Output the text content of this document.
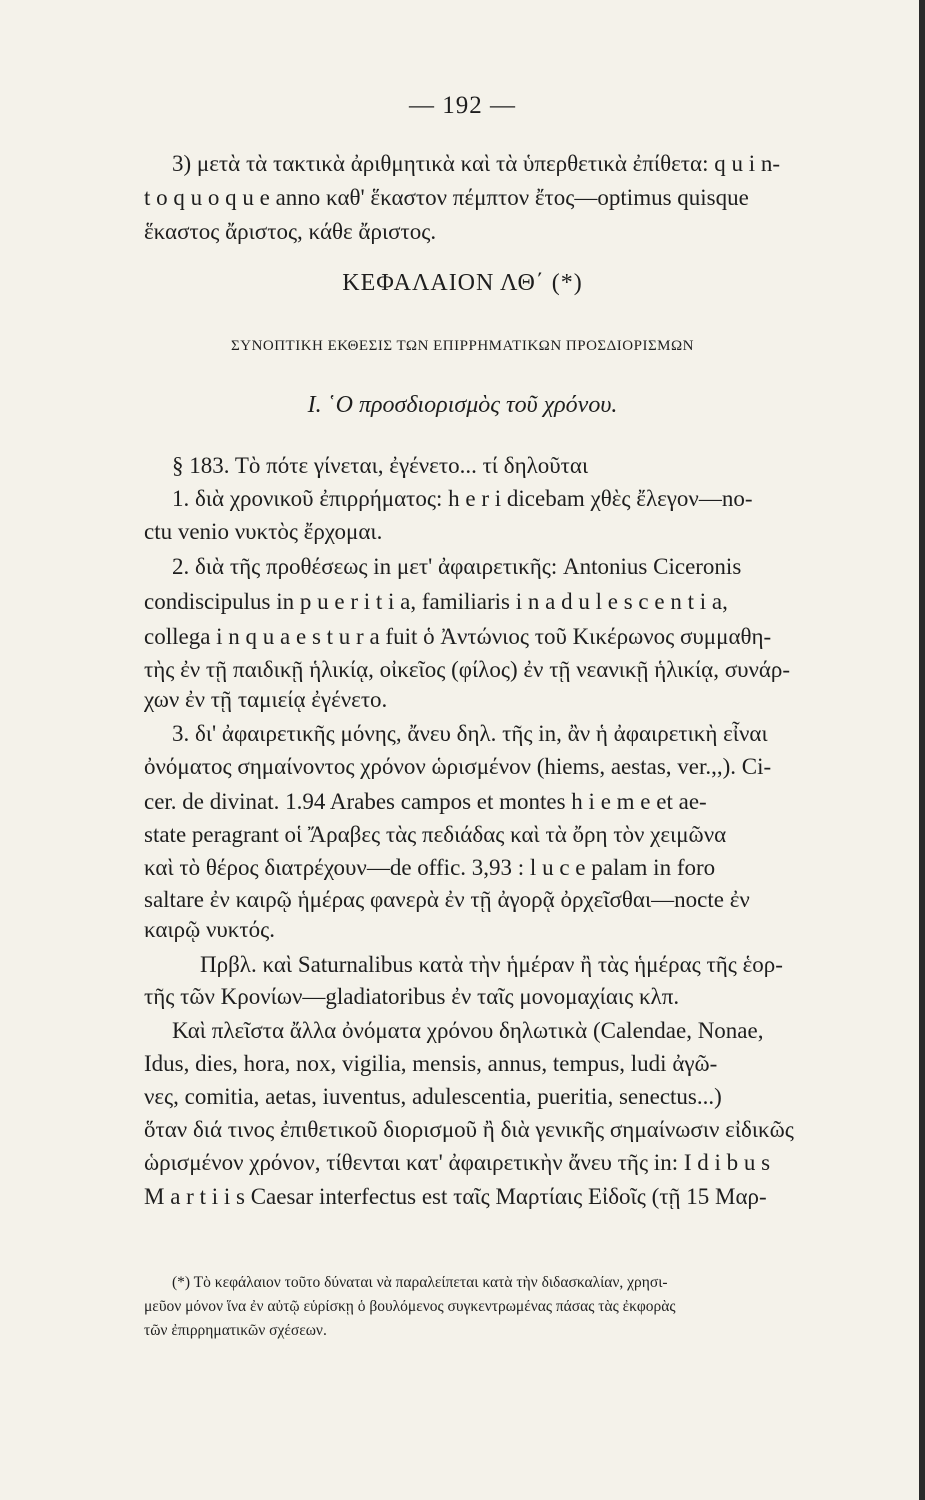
— 192 —
3) μετὰ τὰ τακτικὰ ἀριθμητικὰ καὶ τὰ ὑπερθετικὰ ἐπίθετα: q u i n-
t o q u o q u e anno καθ' ἕκαστον πέμπτον ἔτος—optimus quisque
ἕκαστος ἄριστος, κάθε ἄριστος.
ΚΕΦΑΛΑΙΟΝ ΛΘ΄ (*)
ΣΥΝΟΠΤΙΚΗ ΕΚΘΕΣΙΣ ΤΩΝ ΕΠΙΡΡΗΜΑΤΙΚΩΝ ΠΡΟΣΔΙΟΡΙΣΜΩΝ
I. ῾Ο προσδιορισμὸς τοῦ χρόνου.
§ 183. Τὸ πότε γίνεται, ἐγένετο... τί δηλοῦται
1. διὰ χρονικοῦ ἐπιρρήματος: h e r i dicebam χθὲς ἔλεγον—no-
ctu venio νυκτὸς ἔρχομαι.
2. διὰ τῆς προθέσεως in μετ' ἀφαιρετικῆς: Antonius Ciceronis
condiscipulus in p u e r i t i a, familiaris i n a d u l e s c e n t i a,
collega i n q u a e s t u r a fuit ὁ Ἀντώνιος τοῦ Κικέρωνος συμμαθη-
τὴς ἐν τῇ παιδικῇ ἡλικίᾳ, οἰκεῖος (φίλος) ἐν τῇ νεανικῇ ἡλικίᾳ, συνάρ-
χων ἐν τῇ ταμιείᾳ ἐγένετο.
3. δι' ἀφαιρετικῆς μόνης, ἄνευ δηλ. τῆς in, ἂν ἡ ἀφαιρετικὴ εἶναι
ὀνόματος σημαίνοντος χρόνον ὡρισμένον (hiems, aestas, ver.,,). Ci-
cer. de divinat. 1.94 Arabes campos et montes h i e m e et ae-
state peragrant οἱ Ἄραβες τὰς πεδιάδας καὶ τὰ ὄρη τὸν χειμῶνα
καὶ τὸ θέρος διατρέχουν—de offic. 3,93 : l u c e palam in foro
saltare ἐν καιρῷ ἡμέρας φανερὰ ἐν τῇ ἀγορᾷ ὀρχεῖσθαι—nocte ἐν
καιρῷ νυκτός.
Πρβλ. καὶ Saturnalibus κατὰ τὴν ἡμέραν ἢ τὰς ἡμέρας τῆς ἑορ-
τῆς τῶν Κρονίων—gladiatoribus ἐν ταῖς μονομαχίαις κλπ.
Καὶ πλεῖστα ἄλλα ὀνόματα χρόνου δηλωτικὰ (Calendae, Nonae,
Idus, dies, hora, nox, vigilia, mensis, annus, tempus, ludi ἀγῶ-
νες, comitia, aetas, iuventus, adulescentia, pueritia, senectus...)
ὅταν διά τινος ἐπιθετικοῦ διορισμοῦ ἢ διὰ γενικῆς σημαίνωσιν εἰδικῶς
ὡρισμένον χρόνον, τίθενται κατ' ἀφαιρετικὴν ἄνευ τῆς in: I d i b u s
M a r t i i s Caesar interfectus est ταῖς Μαρτίαις Εἰδοῖς (τῇ 15 Μαρ-
(*) Τὸ κεφάλαιον τοῦτο δύναται νὰ παραλείπεται κατὰ τὴν διδασκαλίαν, χρησι-
μεῦον μόνον ἵνα ἐν αὐτῷ εὑρίσκῃ ὁ βουλόμενος συγκεντρωμένας πάσας τὰς ἐκφορὰς
τῶν ἐπιρρηματικῶν σχέσεων.
